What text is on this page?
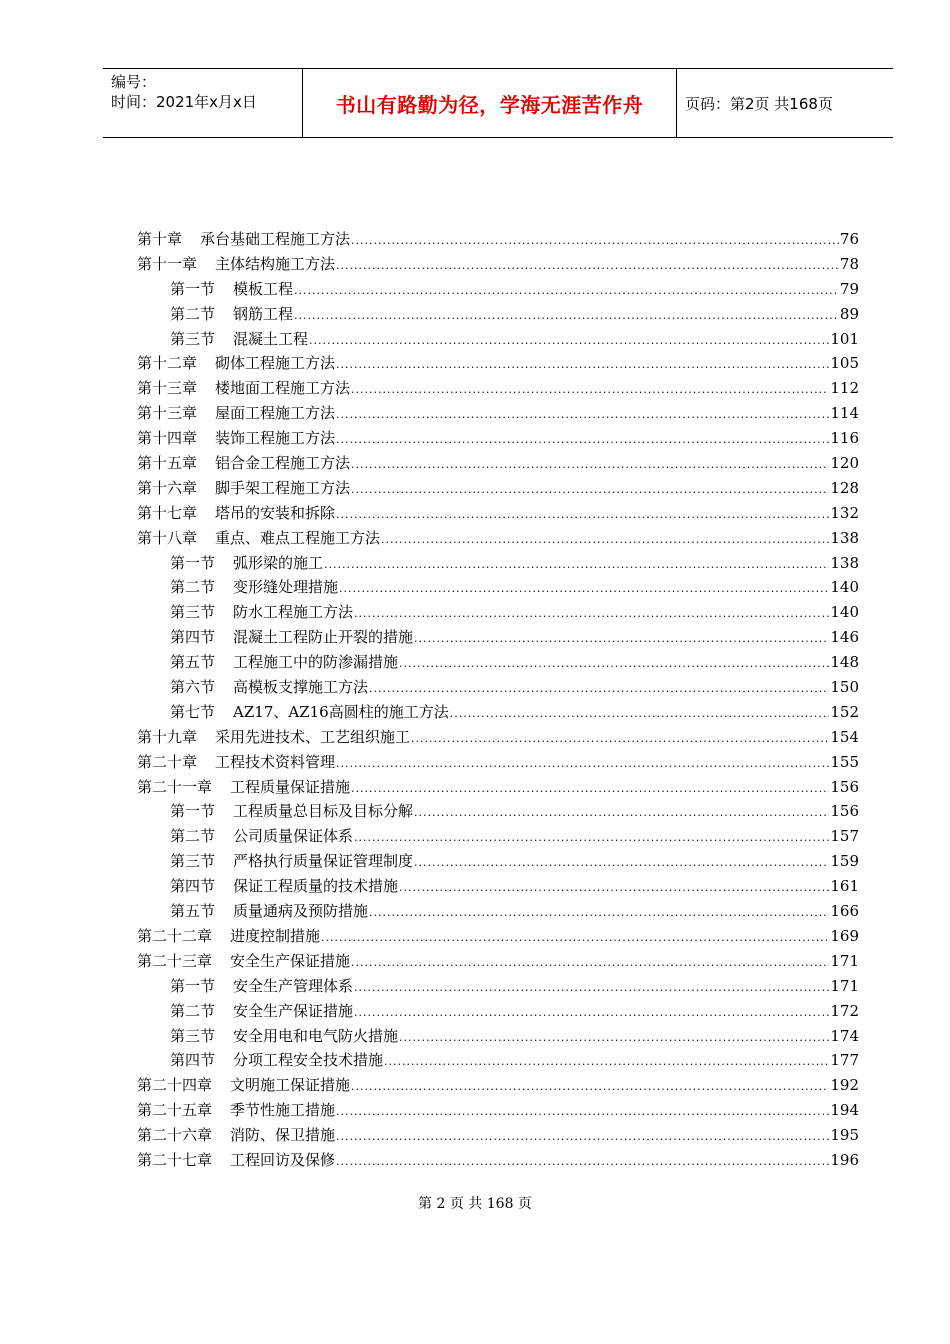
编号：
时间：2021年x月x日	书山有路勤为径，学海无涯苦作舟	页码：第2页 共168页
第十章	承台基础工程施工方法 .....	76
第十一章	主体结构施工方法 .....	78
第一节	模板工程 .....	79
第二节	钢筋工程 .....	89
第三节	混凝土工程 .....	101
第十二章	砌体工程施工方法 .....	105
第十三章	楼地面工程施工方法 .....	112
第十三章	屋面工程施工方法 .....	114
第十四章	装饰工程施工方法 .....	116
第十五章	铝合金工程施工方法 .....	120
第十六章	脚手架工程施工方法 .....	128
第十七章	塔吊的安装和拆除 .....	132
第十八章	重点、难点工程施工方法 .....	138
第一节	弧形梁的施工 .....	138
第二节	变形缝处理措施 .....	140
第三节	防水工程施工方法 .....	140
第四节	混凝土工程防止开裂的措施 .....	146
第五节	工程施工中的防渗漏措施 .....	148
第六节	高模板支撑施工方法 .....	150
第七节	AZ17、AZ16高圆柱的施工方法 .....	152
第十九章	采用先进技术、工艺组织施工 .....	154
第二十章	工程技术资料管理 .....	155
第二十一章	工程质量保证措施 .....	156
第一节	工程质量总目标及目标分解 .....	156
第二节	公司质量保证体系 .....	157
第三节	严格执行质量保证管理制度 .....	159
第四节	保证工程质量的技术措施 .....	161
第五节	质量通病及预防措施 .....	166
第二十二章	进度控制措施 .....	169
第二十三章	安全生产保证措施 .....	171
第一节	安全生产管理体系 .....	171
第二节	安全生产保证措施 .....	172
第三节	安全用电和电气防火措施 .....	174
第四节	分项工程安全技术措施 .....	177
第二十四章	文明施工保证措施 .....	192
第二十五章	季节性施工措施 .....	194
第二十六章	消防、保卫措施 .....	195
第二十七章	工程回访及保修 .....	196
第 2 页 共 168 页
